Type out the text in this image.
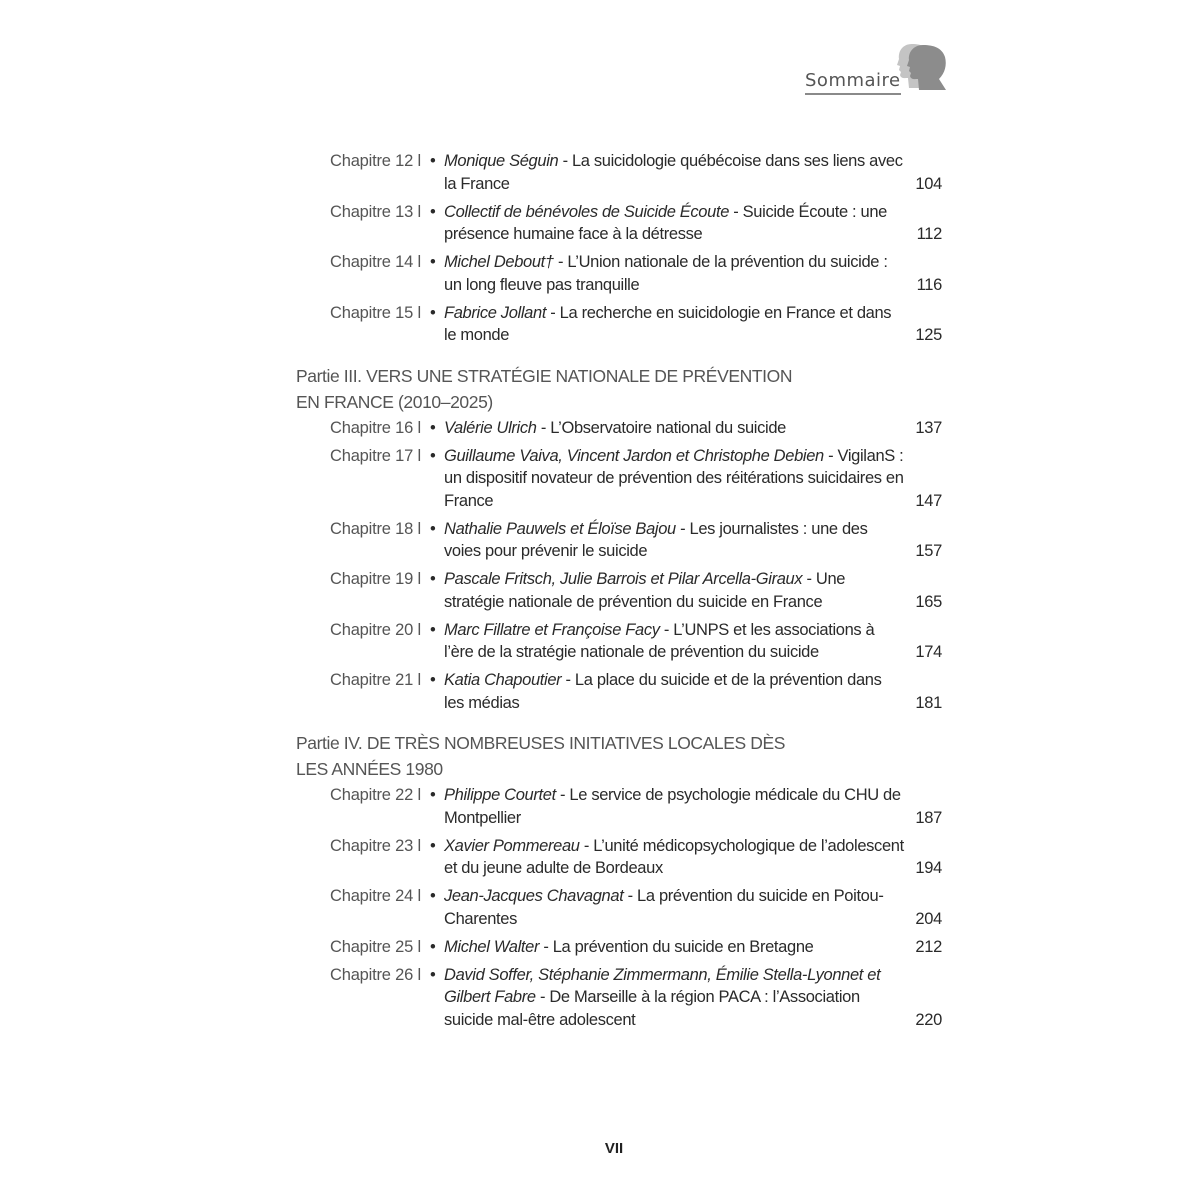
Sommaire
Chapitre 12 l • Monique Séguin - La suicidologie québécoise dans ses liens avec la France	104
Chapitre 13 l • Collectif de bénévoles de Suicide Écoute - Suicide Écoute : une présence humaine face à la détresse	112
Chapitre 14 l • Michel Debout† - L’Union nationale de la prévention du suicide : un long fleuve pas tranquille	116
Chapitre 15 l • Fabrice Jollant - La recherche en suicidologie en France et dans le monde	125
Partie III. VERS UNE STRATÉGIE NATIONALE DE PRÉVENTION EN FRANCE (2010–2025)
Chapitre 16 l • Valérie Ulrich - L’Observatoire national du suicide	137
Chapitre 17 l • Guillaume Vaiva, Vincent Jardon et Christophe Debien - VigilanS : un dispositif novateur de prévention des réitérations suicidaires en France	147
Chapitre 18 l • Nathalie Pauwels et Éloïse Bajou - Les journalistes : une des voies pour prévenir le suicide	157
Chapitre 19 l • Pascale Fritsch, Julie Barrois et Pilar Arcella-Giraux - Une stratégie nationale de prévention du suicide en France	165
Chapitre 20 l • Marc Fillatre et Françoise Facy - L’UNPS et les associations à l’ère de la stratégie nationale de prévention du suicide	174
Chapitre 21 l • Katia Chapoutier - La place du suicide et de la prévention dans les médias	181
Partie IV. DE TRÈS NOMBREUSES INITIATIVES LOCALES DÈS LES ANNÉES 1980
Chapitre 22 l • Philippe Courtet - Le service de psychologie médicale du CHU de Montpellier	187
Chapitre 23 l • Xavier Pommereau - L’unité médicopsychologique de l’adolescent et du jeune adulte de Bordeaux	194
Chapitre 24 l • Jean-Jacques Chavagnat - La prévention du suicide en Poitou-Charentes	204
Chapitre 25 l • Michel Walter - La prévention du suicide en Bretagne	212
Chapitre 26 l • David Soffer, Stéphanie Zimmermann, Émilie Stella-Lyonnet et Gilbert Fabre - De Marseille à la région PACA : l’Association suicide mal-être adolescent	220
VII
